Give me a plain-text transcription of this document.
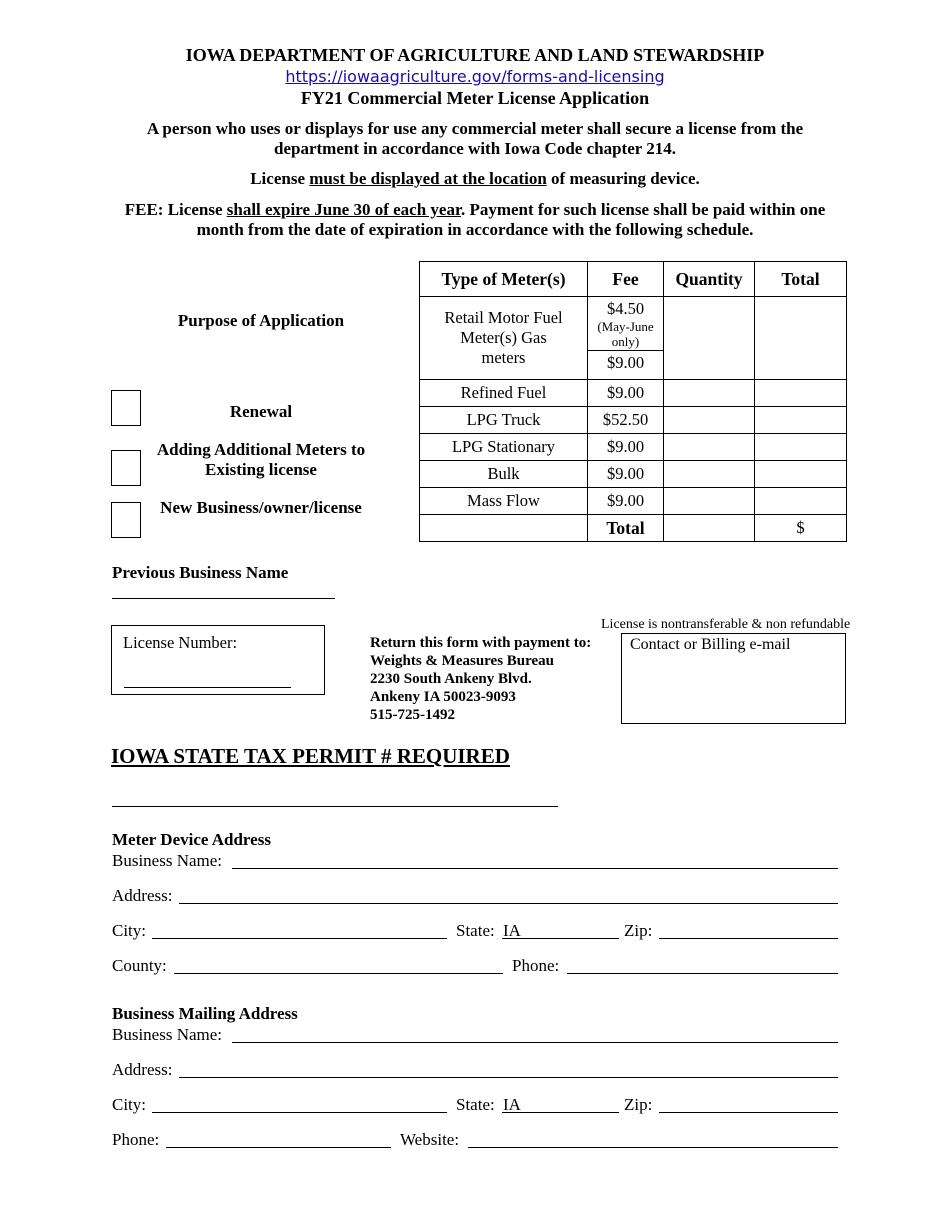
IOWA DEPARTMENT OF AGRICULTURE AND LAND STEWARDSHIP
https://iowaagriculture.gov/forms-and-licensing
FY21 Commercial Meter License Application
A person who uses or displays for use any commercial meter shall secure a license from the department in accordance with Iowa Code chapter 214.
License must be displayed at the location of measuring device.
FEE: License shall expire June 30 of each year. Payment for such license shall be paid within one month from the date of expiration in accordance with the following schedule.
Purpose of Application
Renewal
Adding Additional Meters to Existing license
New Business/owner/license
Previous Business Name
Type of Meter(s)	Fee	Quantity	Total
Retail Motor Fuel Meter(s) Gas meters	$4.50
(May-June only)
$9.00		

Refined Fuel	$9.00		
LPG Truck	$52.50		
LPG Stationary	$9.00		
Bulk	$9.00		
Mass Flow	$9.00		
	Total		$
License Number:	Return this form with payment to:
Weights & Measures Bureau
2230 South Ankeny Blvd.
Ankeny IA 50023-9093
515-725-1492
License is nontransferable & non refundable
Contact or Billing e-mail
IOWA STATE TAX PERMIT # REQUIRED
Meter Device Address
Business Name:
Address:
City:	State: IA	Zip:
County:	Phone:
Business Mailing Address
Business Name:
Address:
City:	State: IA	Zip:
Phone:	Website:
